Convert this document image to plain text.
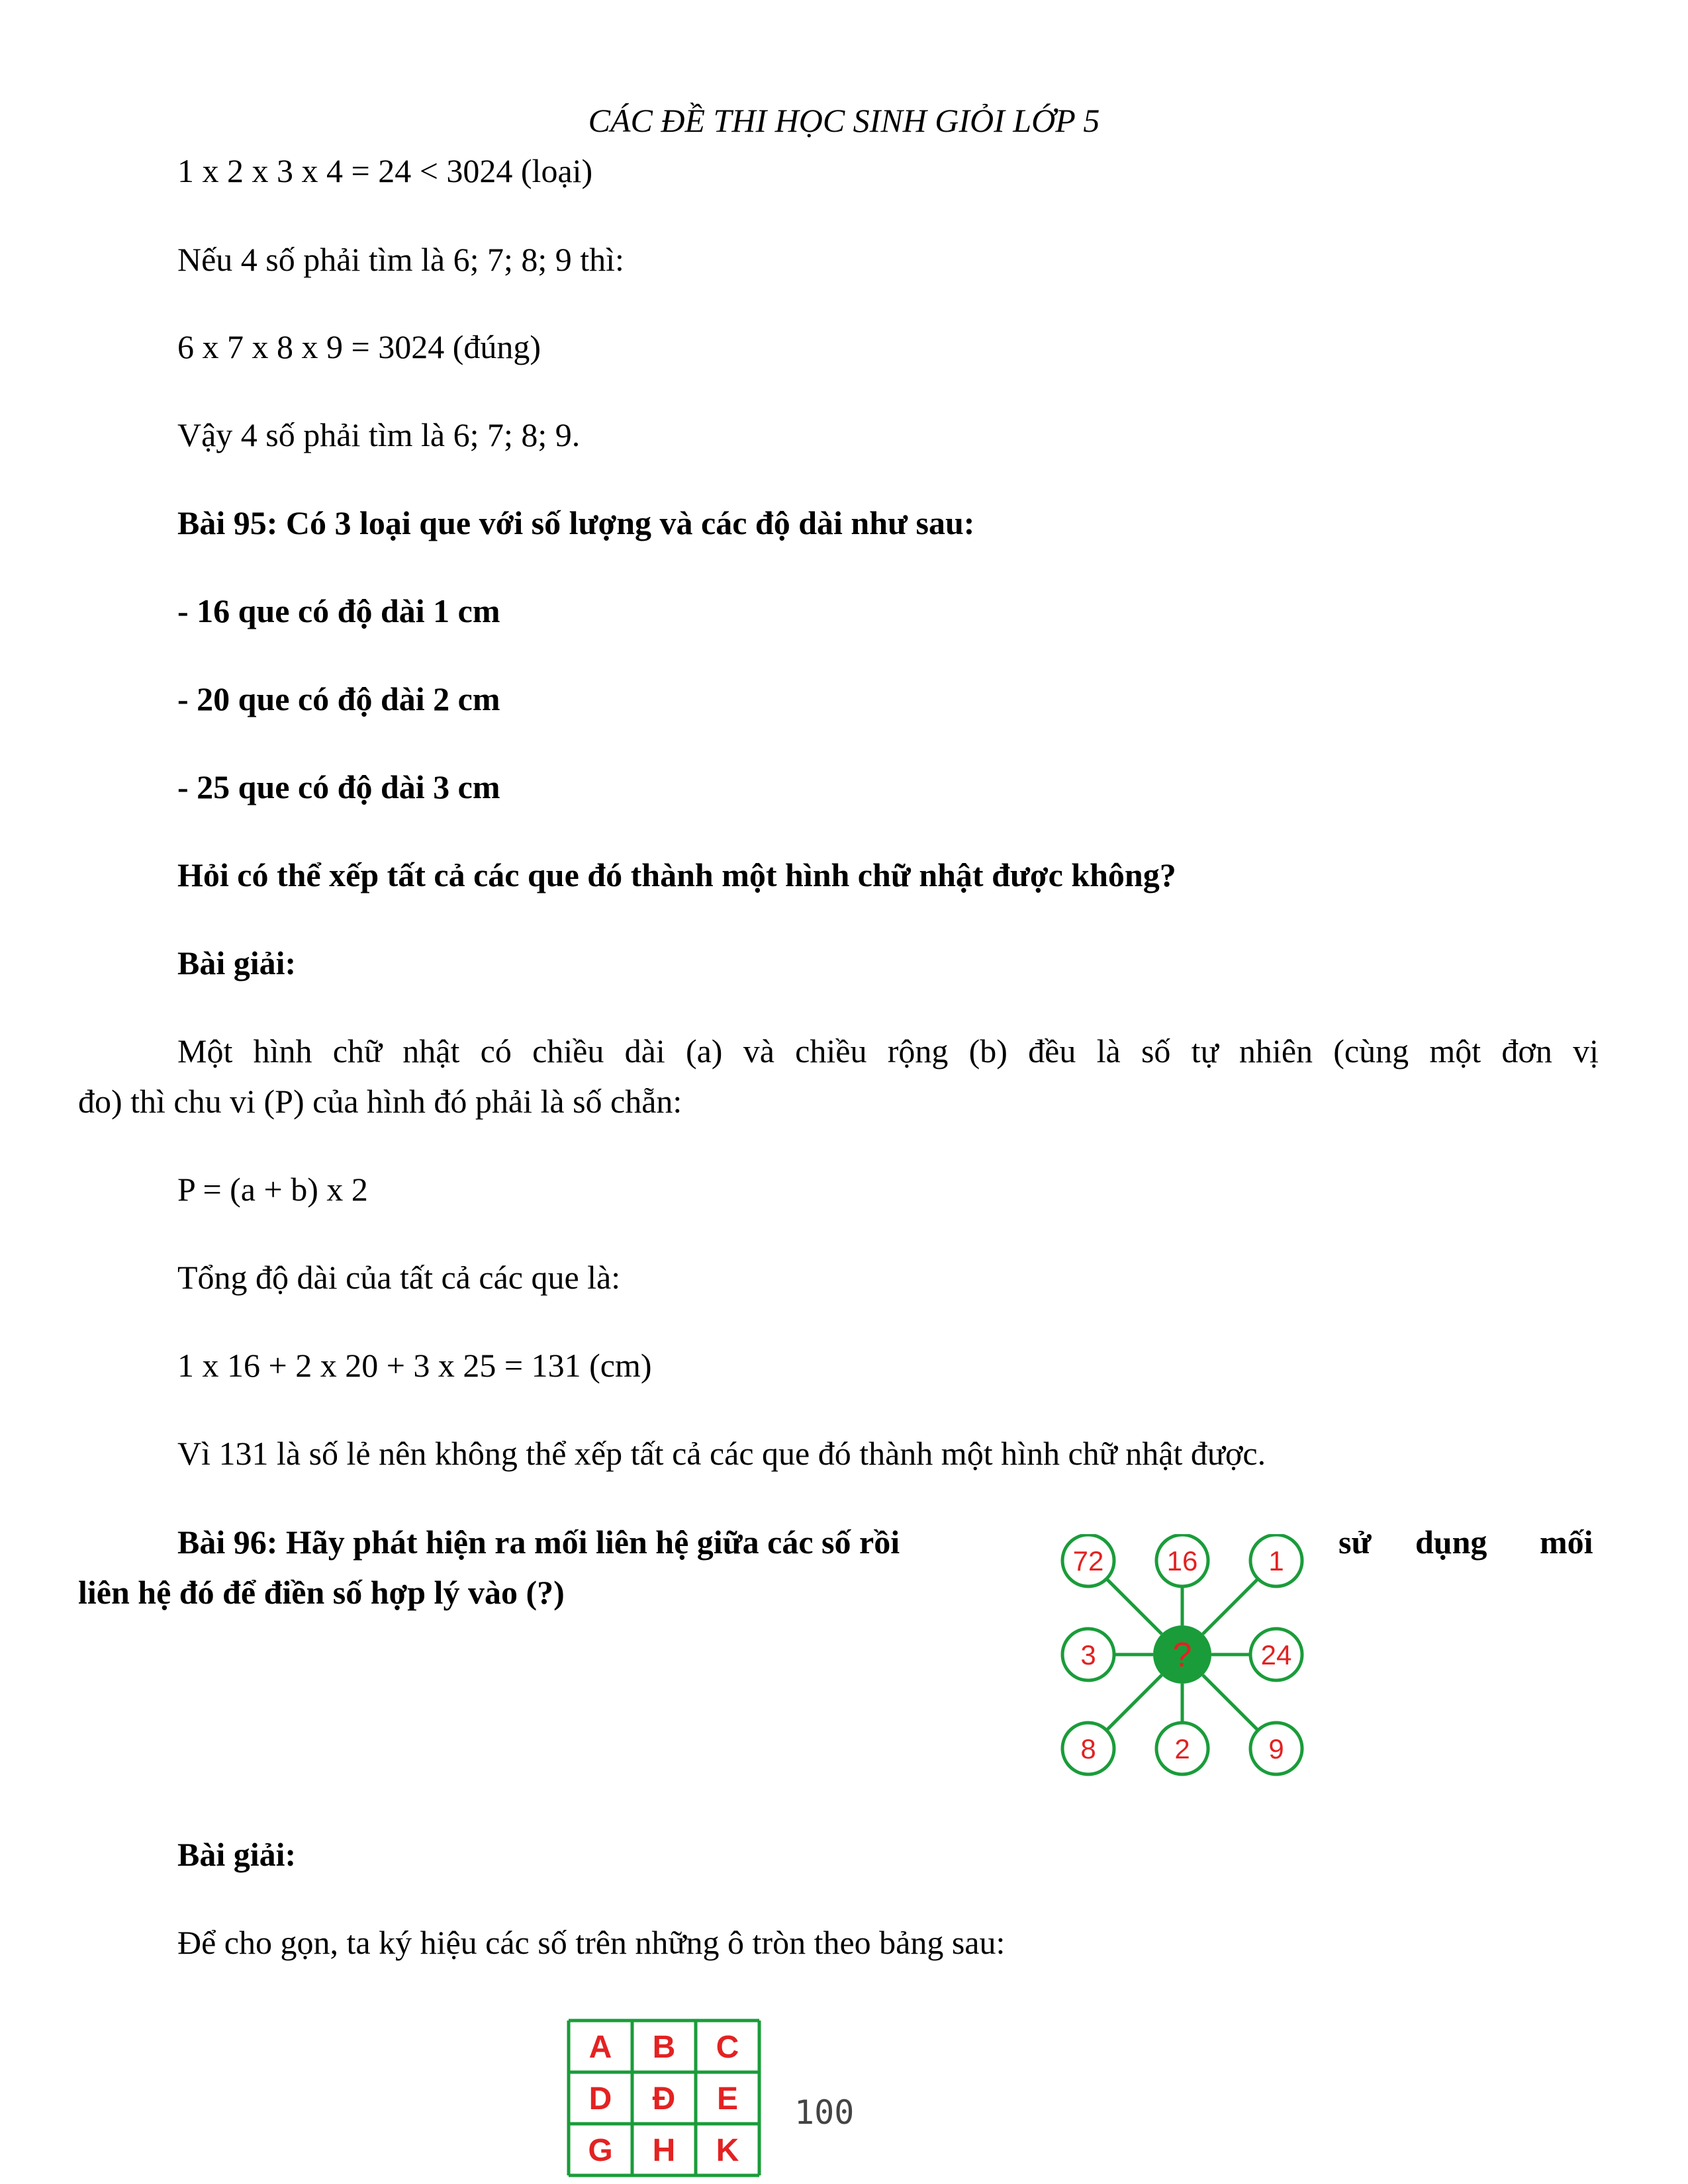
CÁC ĐỀ THI HỌC SINH GIỎI LỚP 5
1 x 2 x 3 x 4 = 24 < 3024 (loại)
Nếu 4 số phải tìm là 6; 7; 8; 9 thì:
6 x 7 x 8 x 9 = 3024 (đúng)
Vậy 4 số phải tìm là 6; 7; 8; 9.
Bài 95: Có 3 loại que với số lượng và các độ dài như sau:
- 16 que có độ dài 1 cm
- 20 que có độ dài 2 cm
- 25 que có độ dài 3 cm
Hỏi có thể xếp tất cả các que đó thành một hình chữ nhật được không?
Bài giải:
Một hình chữ nhật có chiều dài (a) và chiều rộng (b) đều là số tự nhiên (cùng một đơn vị
đo) thì chu vi (P) của hình đó phải là số chẵn:
P = (a + b) x 2
Tổng độ dài của tất cả các que là:
1 x 16 + 2 x 20 + 3 x 25 = 131 (cm)
Vì 131 là số lẻ nên không thể xếp tất cả các que đó thành một hình chữ nhật được.
Bài 96: Hãy phát hiện ra mối liên hệ giữa các số rồi	sử dụng mối
liên hệ đó để điền số hợp lý vào (?)
72 16	1
3	24
8	2	9
?
Bài giải:
Để cho gọn, ta ký hiệu các số trên những ô tròn theo bảng sau:
A B C
D Đ E
G H K
100
